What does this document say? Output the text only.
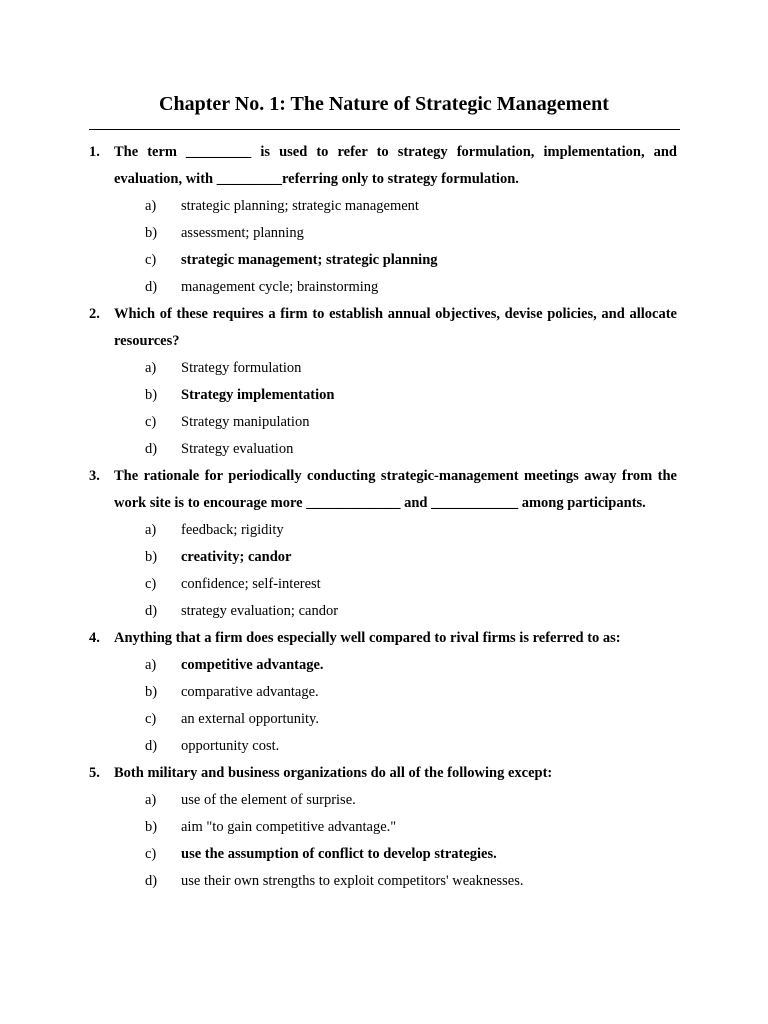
Chapter No. 1: The Nature of Strategic Management
1. The term _________ is used to refer to strategy formulation, implementation, and evaluation, with _________referring only to strategy formulation.
a) strategic planning; strategic management
b) assessment; planning
c) strategic management; strategic planning
d) management cycle; brainstorming
2. Which of these requires a firm to establish annual objectives, devise policies, and allocate resources?
a) Strategy formulation
b) Strategy implementation
c) Strategy manipulation
d) Strategy evaluation
3. The rationale for periodically conducting strategic-management meetings away from the work site is to encourage more _____________ and ____________ among participants.
a) feedback; rigidity
b) creativity; candor
c) confidence; self-interest
d) strategy evaluation; candor
4. Anything that a firm does especially well compared to rival firms is referred to as:
a) competitive advantage.
b) comparative advantage.
c) an external opportunity.
d) opportunity cost.
5. Both military and business organizations do all of the following except:
a) use of the element of surprise.
b) aim "to gain competitive advantage."
c) use the assumption of conflict to develop strategies.
d) use their own strengths to exploit competitors' weaknesses.
